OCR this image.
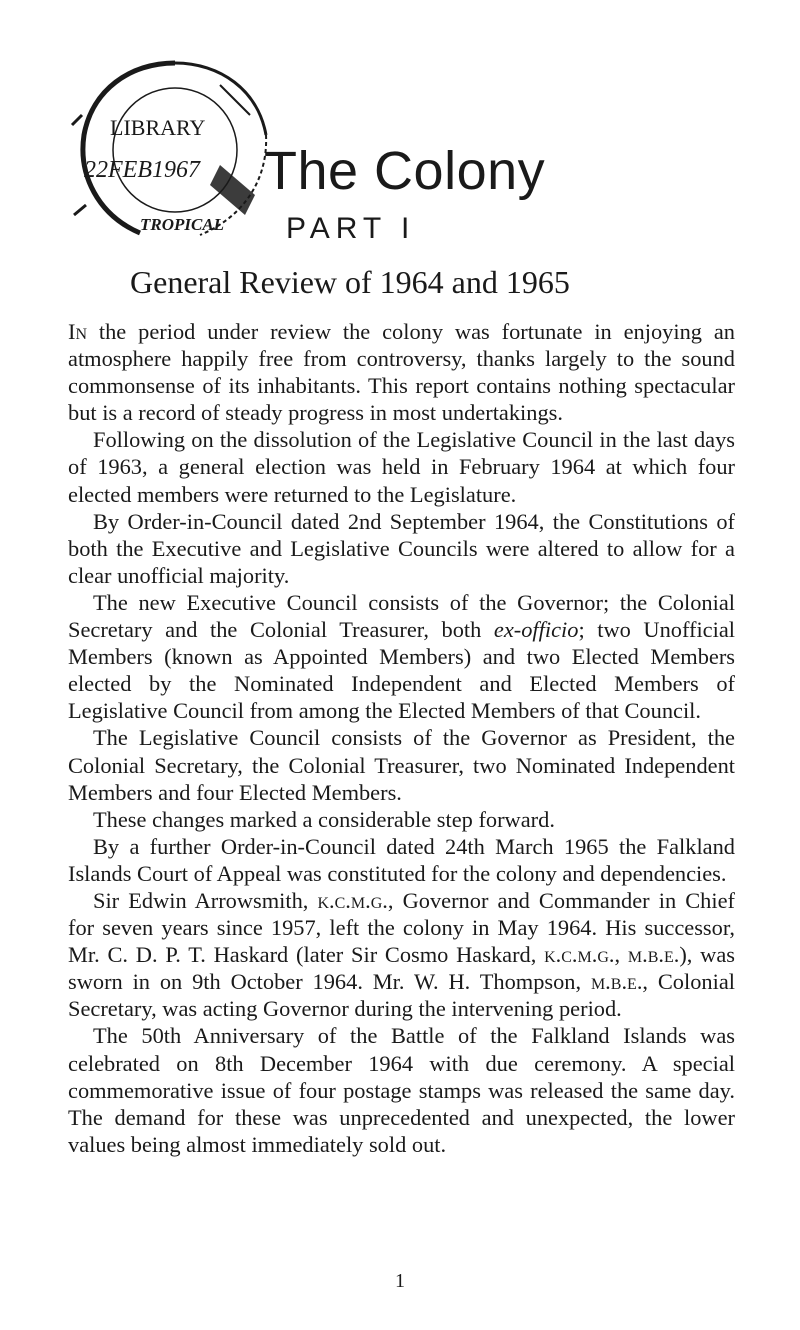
LIBRARY
22FEB1967
TROPICAL
The Colony
PART I
General Review of 1964 and 1965

In the period under review the colony was fortunate in enjoying an atmosphere happily free from controversy, thanks largely to the sound commonsense of its inhabitants. This report contains nothing spectacular but is a record of steady progress in most undertakings.

Following on the dissolution of the Legislative Council in the last days of 1963, a general election was held in February 1964 at which four elected members were returned to the Legislature.

By Order-in-Council dated 2nd September 1964, the Constitutions of both the Executive and Legislative Councils were altered to allow for a clear unofficial majority.

The new Executive Council consists of the Governor; the Colonial Secretary and the Colonial Treasurer, both ex-officio; two Unofficial Members (known as Appointed Members) and two Elected Members elected by the Nominated Independent and Elected Members of Legislative Council from among the Elected Members of that Council.

The Legislative Council consists of the Governor as President, the Colonial Secretary, the Colonial Treasurer, two Nominated Independent Members and four Elected Members.

These changes marked a considerable step forward.

By a further Order-in-Council dated 24th March 1965 the Falkland Islands Court of Appeal was constituted for the colony and dependencies.

Sir Edwin Arrowsmith, k.c.m.g., Governor and Commander in Chief for seven years since 1957, left the colony in May 1964. His successor, Mr. C. D. P. T. Haskard (later Sir Cosmo Haskard, k.c.m.g., m.b.e.), was sworn in on 9th October 1964. Mr. W. H. Thompson, m.b.e., Colonial Secretary, was acting Governor during the intervening period.

The 50th Anniversary of the Battle of the Falkland Islands was celebrated on 8th December 1964 with due ceremony. A special commemorative issue of four postage stamps was released the same day. The demand for these was unprecedented and unexpected, the lower values being almost immediately sold out.

1
